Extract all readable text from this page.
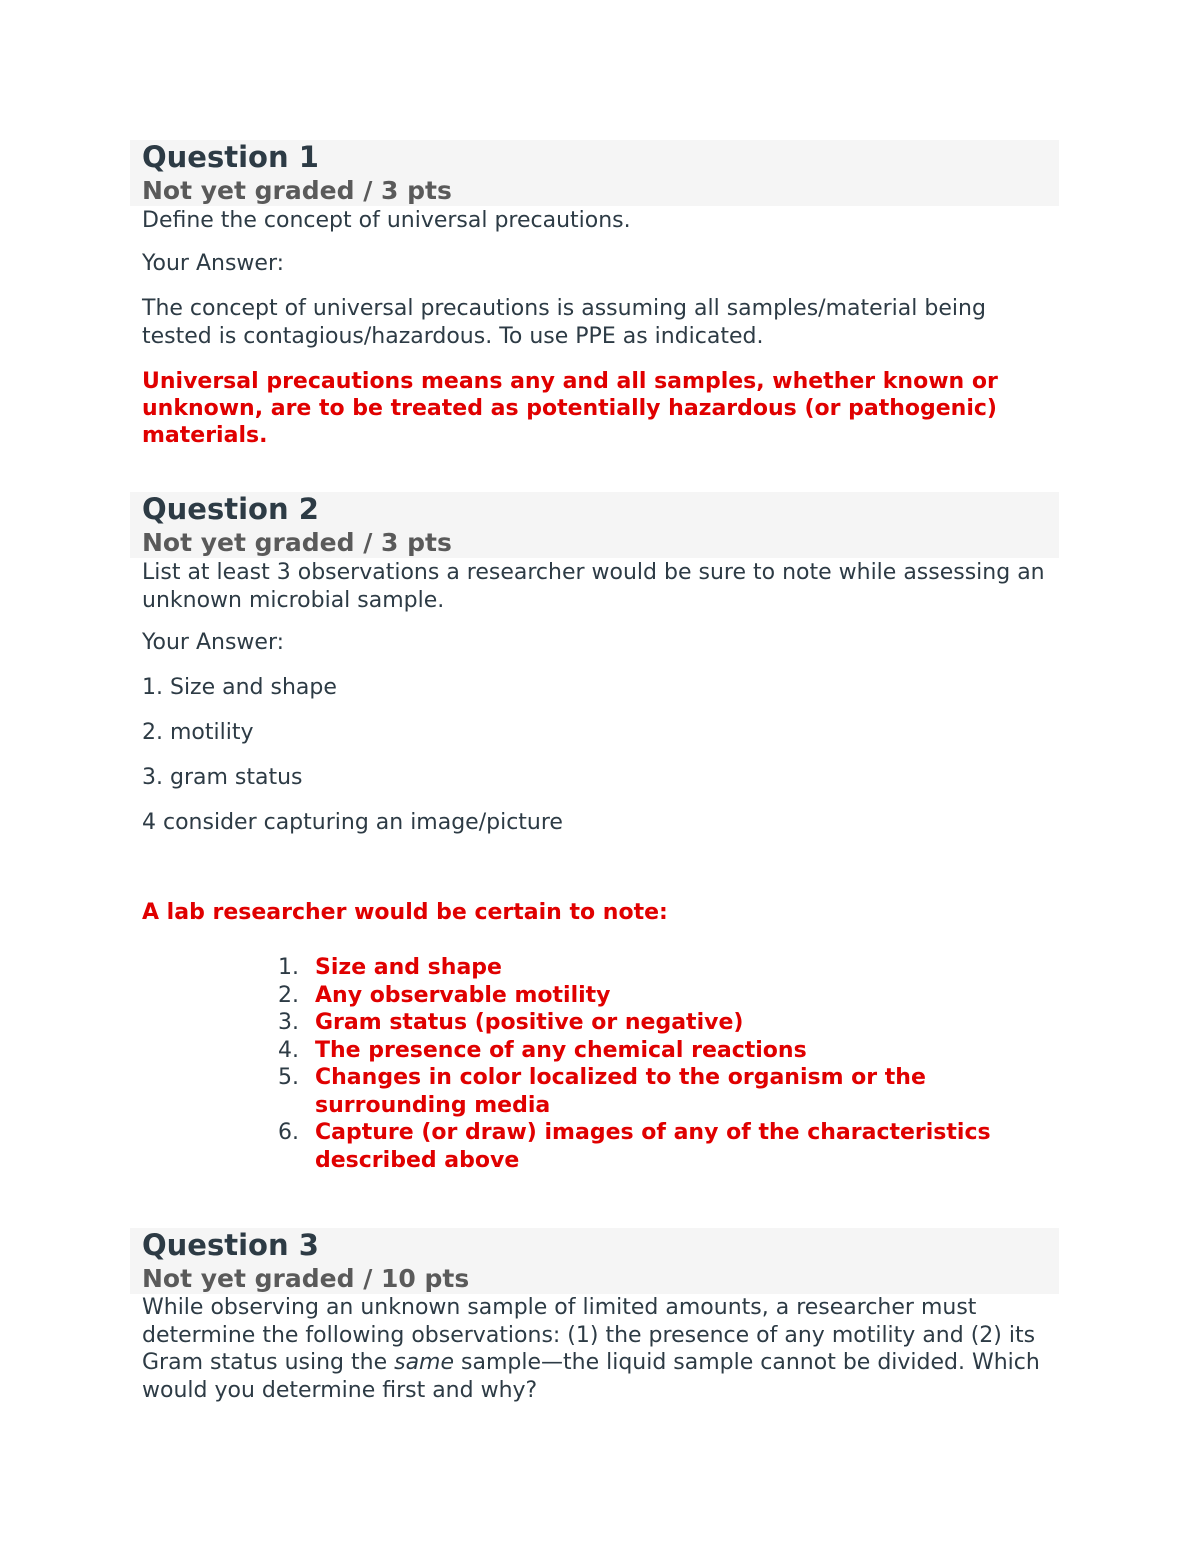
Question 1
Not yet graded / 3 pts
Define the concept of universal precautions.
Your Answer:
The concept of universal precautions is assuming all samples/material being tested is contagious/hazardous. To use PPE as indicated.
Universal precautions means any and all samples, whether known or unknown, are to be treated as potentially hazardous (or pathogenic) materials.
Question 2
Not yet graded / 3 pts
List at least 3 observations a researcher would be sure to note while assessing an unknown microbial sample.
Your Answer:
1. Size and shape
2. motility
3. gram status
4 consider capturing an image/picture
A lab researcher would be certain to note:
1. Size and shape
2. Any observable motility
3. Gram status (positive or negative)
4. The presence of any chemical reactions
5. Changes in color localized to the organism or the surrounding media
6. Capture (or draw) images of any of the characteristics described above
Question 3
Not yet graded / 10 pts
While observing an unknown sample of limited amounts, a researcher must determine the following observations: (1) the presence of any motility and (2) its Gram status using the same sample—the liquid sample cannot be divided. Which would you determine first and why?
